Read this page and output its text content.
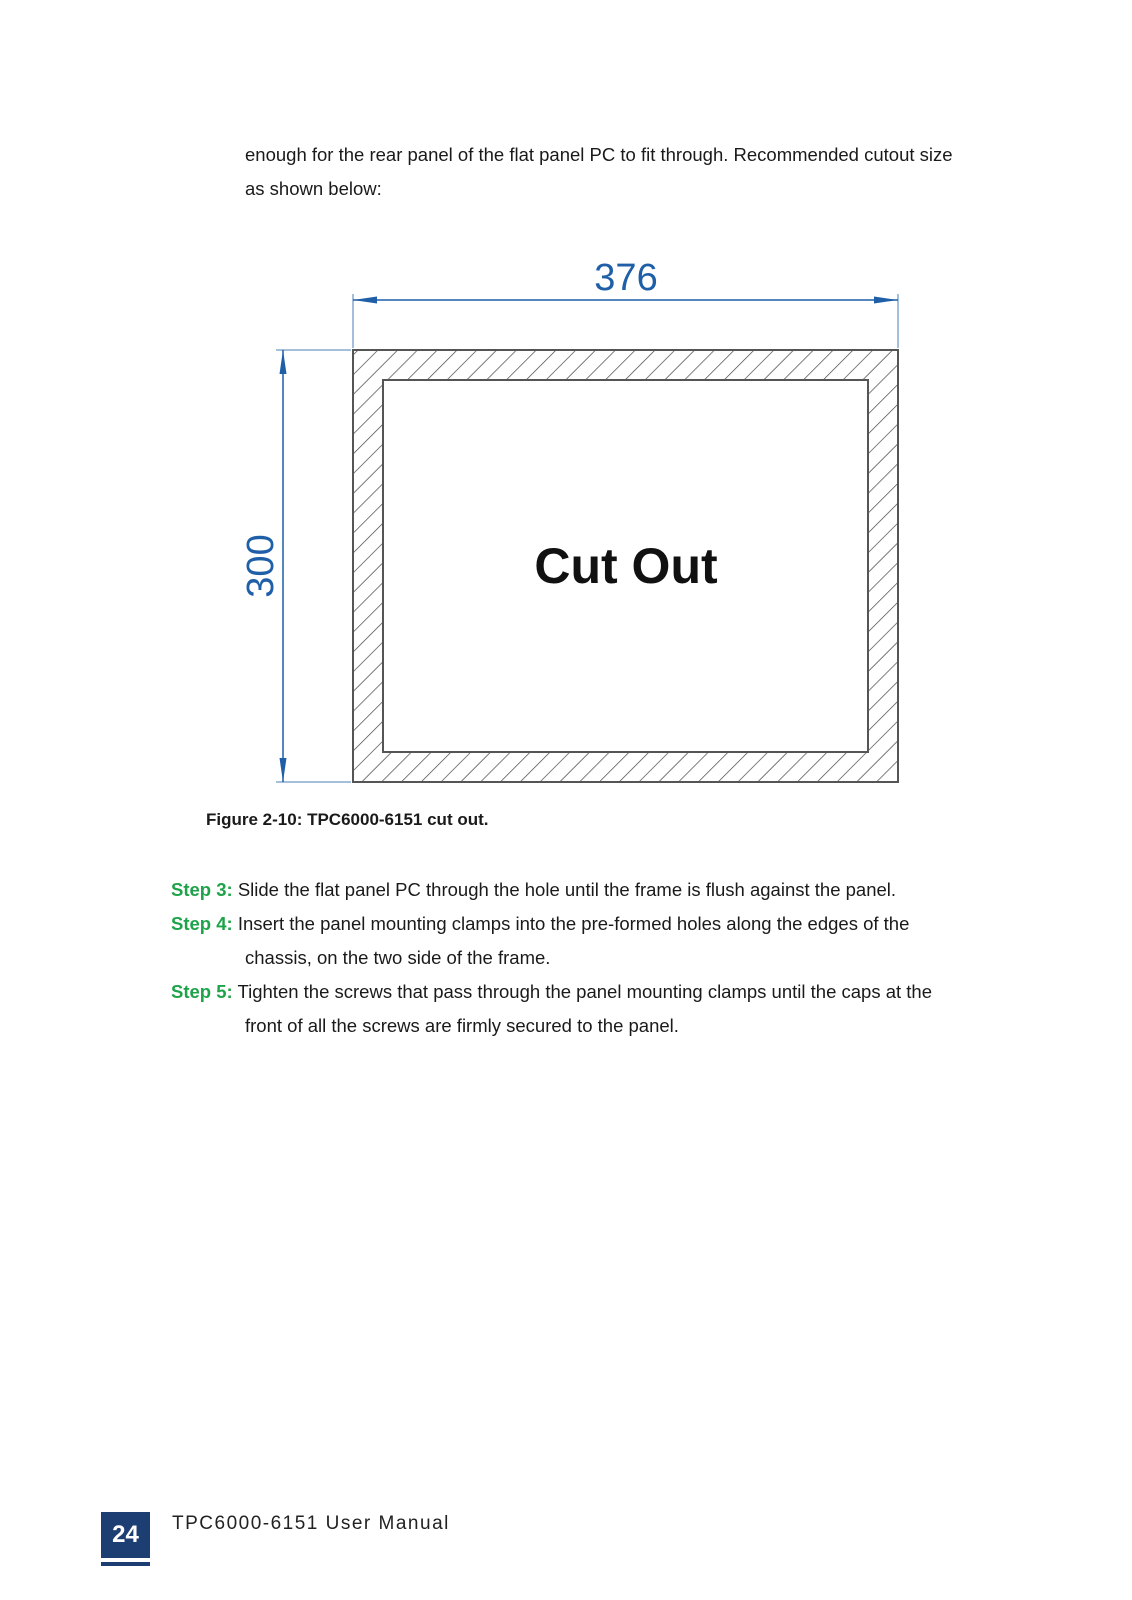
enough for the rear panel of the flat panel PC to fit through. Recommended cutout size as shown below:
376
300	Cut Out
Figure 2-10: TPC6000-6151 cut out.
Step 3: Slide the flat panel PC through the hole until the frame is flush against the panel.
Step 4: Insert the panel mounting clamps into the pre-formed holes along the edges of the chassis, on the two side of the frame.
Step 5: Tighten the screws that pass through the panel mounting clamps until the caps at the front of all the screws are firmly secured to the panel.
24	TPC6000-6151 User Manual
